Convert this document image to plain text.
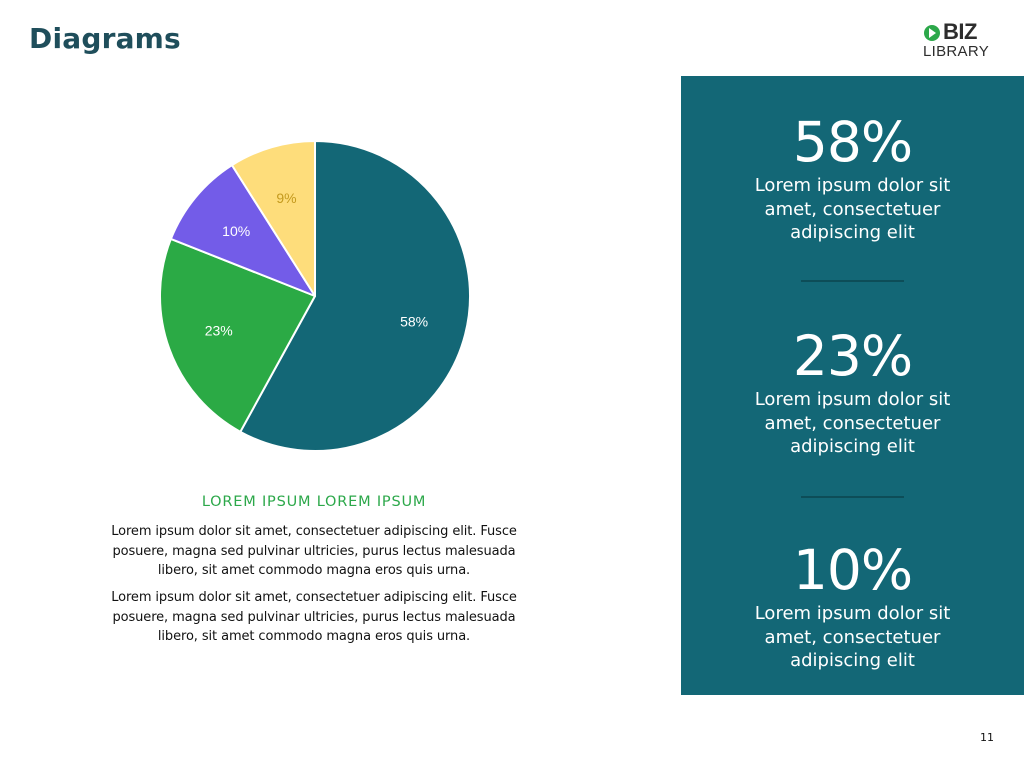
Diagrams	BIZ
LIBRARY
58%
23%
10%
9%
LOREM IPSUM LOREM IPSUM

Lorem ipsum dolor sit amet, consectetuer adipiscing elit. Fusce posuere, magna sed pulvinar ultricies, purus lectus malesuada libero, sit amet commodo magna eros quis urna.

Lorem ipsum dolor sit amet, consectetuer adipiscing elit. Fusce posuere, magna sed pulvinar ultricies, purus lectus malesuada libero, sit amet commodo magna eros quis urna.

58%
Lorem ipsum dolor sit amet, consectetuer adipiscing elit
23%
Lorem ipsum dolor sit amet, consectetuer adipiscing elit
10%
Lorem ipsum dolor sit amet, consectetuer adipiscing elit
11
